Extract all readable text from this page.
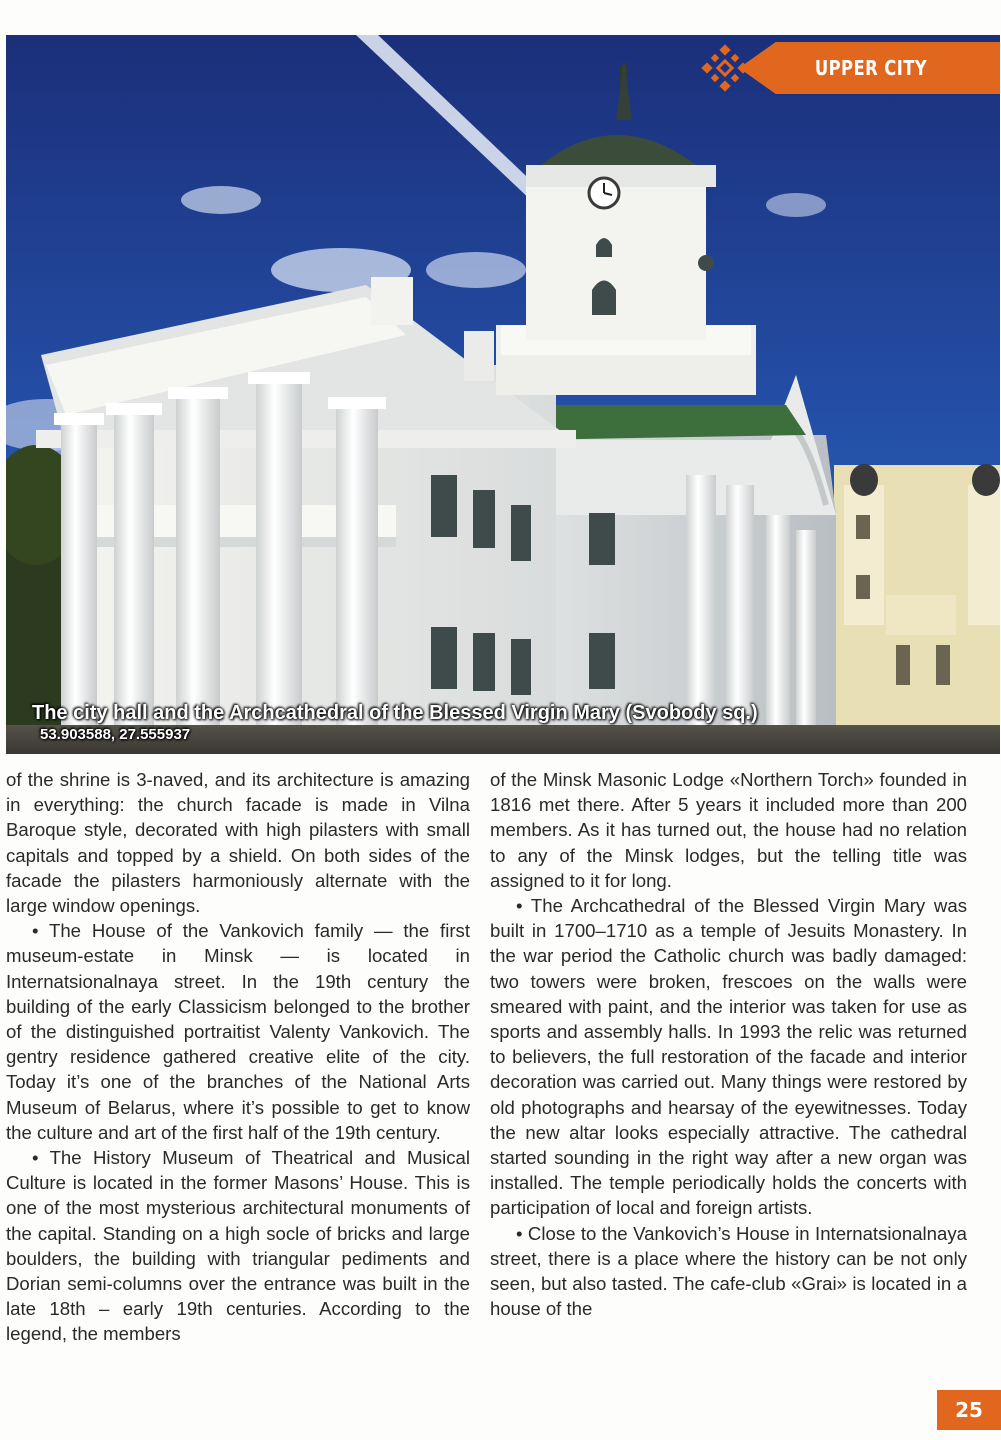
UPPER CITY
The city hall and the Archcathedral of the Blessed Virgin Mary (Svobody sq.)
53.903588, 27.555937

of the shrine is 3-naved, and its architecture is amazing in everything: the church facade is made in Vilna Baroque style, decorated with high pilasters with small capitals and topped by a shield. On both sides of the facade the pilasters harmoniously alternate with the large window openings.

• The House of the Vankovich family — the first museum-estate in Minsk — is located in Internatsionalnaya street. In the 19th century the building of the early Classicism belonged to the brother of the distinguished portraitist Valenty Vankovich. The gentry residence gathered creative elite of the city. Today it’s one of the branches of the National Arts Museum of Belarus, where it’s possible to get to know the culture and art of the first half of the 19th century.

• The History Museum of Theatrical and Musical Culture is located in the former Masons’ House. This is one of the most mysterious architectural monuments of the capital. Standing on a high socle of bricks and large boulders, the building with triangular pediments and Dorian semi-columns over the entrance was built in the late 18th – early 19th centuries. According to the legend, the members

of the Minsk Masonic Lodge «Northern Torch» founded in 1816 met there. After 5 years it included more than 200 members. As it has turned out, the house had no relation to any of the Minsk lodges, but the telling title was assigned to it for long.

• The Archcathedral of the Blessed Virgin Mary was built in 1700–1710 as a temple of Jesuits Monastery. In the war period the Catholic church was badly damaged: two towers were broken, frescoes on the walls were smeared with paint, and the interior was taken for use as sports and assembly halls. In 1993 the relic was returned to believers, the full restoration of the facade and interior decoration was carried out. Many things were restored by old photographs and hearsay of the eyewitnesses. Today the new altar looks especially attractive. The cathedral started sounding in the right way after a new organ was installed. The temple periodically holds the concerts with participation of local and foreign artists.

• Close to the Vankovich’s House in Internatsionalnaya street, there is a place where the history can be not only seen, but also tasted. The cafe-club «Grai» is located in a house of the

25
